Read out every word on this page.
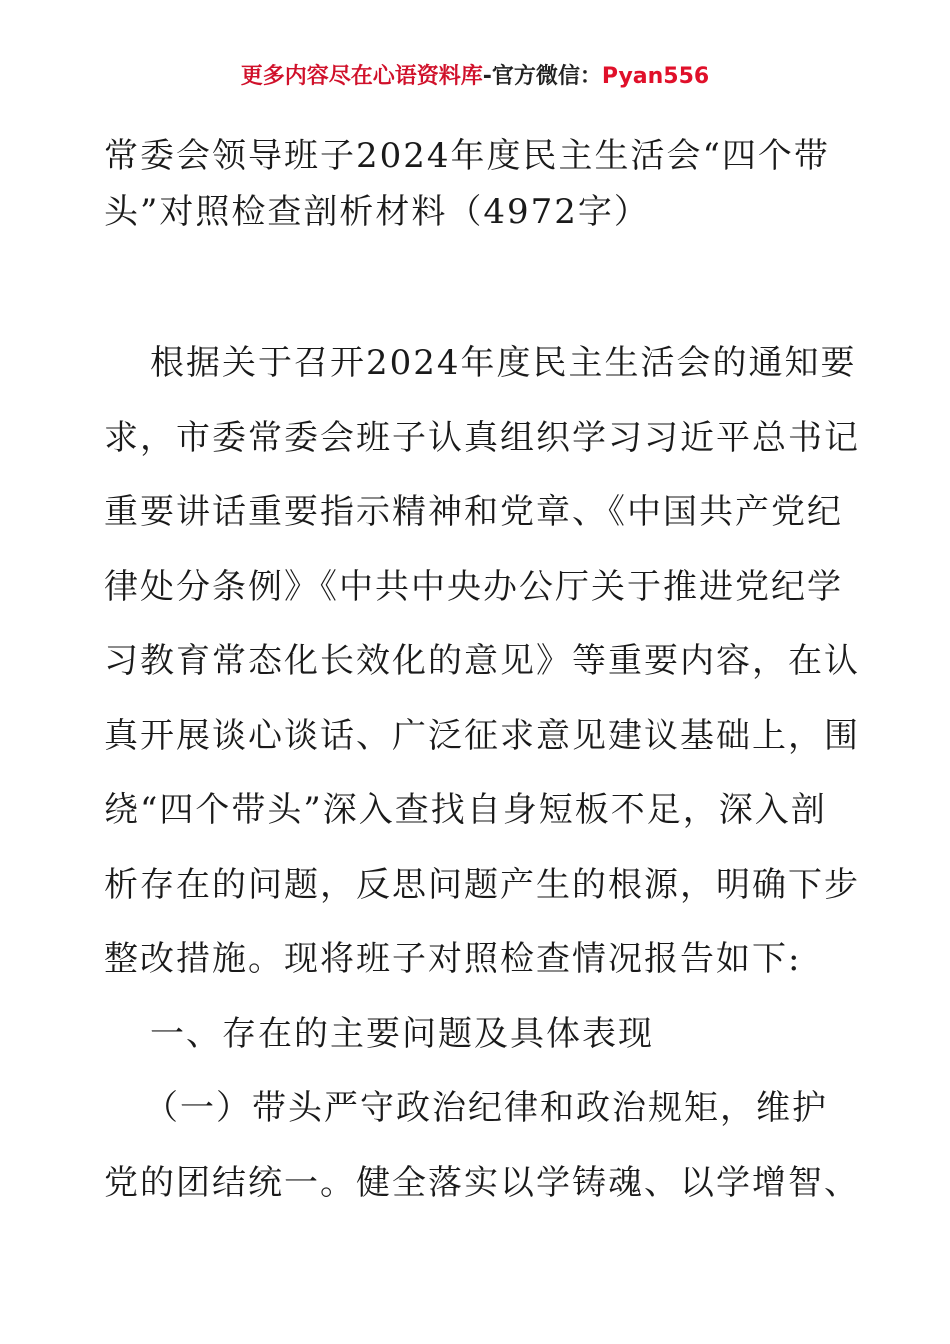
更多内容尽在心语资料库-官方微信：Pyan556
常委会领导班子2024年度民主生活会“四个带
头”对照检查剖析材料（4972字）
根据关于召开2024年度民主生活会的通知要
求，市委常委会班子认真组织学习习近平总书记
重要讲话重要指示精神和党章、《中国共产党纪
律处分条例》《中共中央办公厅关于推进党纪学
习教育常态化长效化的意见》等重要内容，在认
真开展谈心谈话、广泛征求意见建议基础上，围
绕“四个带头”深入查找自身短板不足，深入剖
析存在的问题，反思问题产生的根源，明确下步
整改措施。现将班子对照检查情况报告如下:
一、存在的主要问题及具体表现
（一）带头严守政治纪律和政治规矩，维护
党的团结统一。健全落实以学铸魂、以学增智、
